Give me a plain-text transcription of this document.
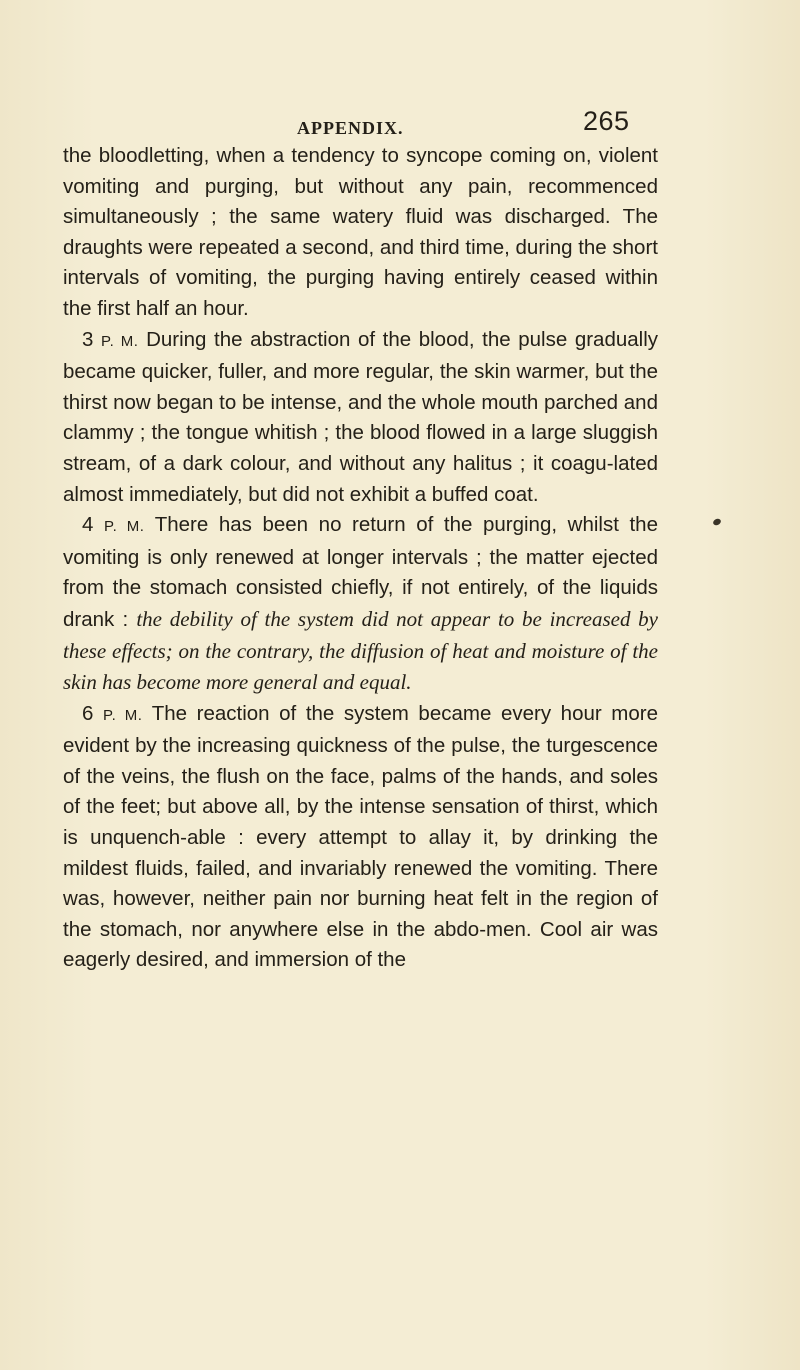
APPENDIX.	265

the bloodletting, when a tendency to syncope coming on, violent vomiting and purging, but without any pain, recommenced simultaneously ; the same watery fluid was discharged. The draughts were repeated a second, and third time, during the short intervals of vomiting, the purging having entirely ceased within the first half an hour.

3 P. M. During the abstraction of the blood, the pulse gradually became quicker, fuller, and more regular, the skin warmer, but the thirst now began to be intense, and the whole mouth parched and clammy ; the tongue whitish ; the blood flowed in a large sluggish stream, of a dark colour, and without any halitus ; it coagu-lated almost immediately, but did not exhibit a buffed coat.

4 P. M. There has been no return of the purging, whilst the vomiting is only renewed at longer intervals ; the matter ejected from the stomach consisted chiefly, if not entirely, of the liquids drank : the debility of the system did not appear to be increased by these effects; on the contrary, the diffusion of heat and moisture of the skin has become more general and equal.

6 P. M. The reaction of the system became every hour more evident by the increasing quickness of the pulse, the turgescence of the veins, the flush on the face, palms of the hands, and soles of the feet; but above all, by the intense sensation of thirst, which is unquench-able : every attempt to allay it, by drinking the mildest fluids, failed, and invariably renewed the vomiting. There was, however, neither pain nor burning heat felt in the region of the stomach, nor anywhere else in the abdo-men. Cool air was eagerly desired, and immersion of the
